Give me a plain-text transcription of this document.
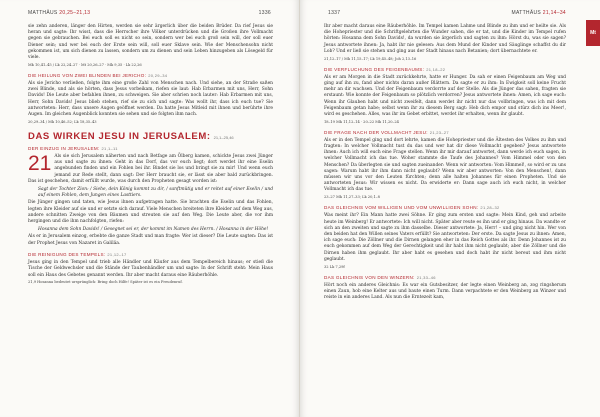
MATTHÄUS 20,25–21,13	1336

sie zehn anderen, länger den Hirten, werden sie sehr ärgerlich über die beiden Brüder. Da rief Jesus sie heran und sagte: Ihr wisst, dass die Herrscher ihre Völker unterdrücken und die Großen ihre Vollmacht gegen sie gebrauchen. Bei euch soll es nicht so sein, sondern wer bei euch groß sein will, der soll euer Diener sein; und wer bei euch der Erste sein will, soll euer Sklave sein. Wie der Menschensohn nicht gekommen ist, um sich dienen zu lassen, sondern um zu dienen und sein Leben hinzugeben als Lösegeld für viele.

Mk 10,41–45 / Lk 22,24–27 · Mt 20,26–27 · Mk 9,35 · Lk 22,26

DIE HEILUNG VON ZWEI BLINDEN BEI JERICHO: 20,29–34

Als sie Jericho verließen, folgte ihm eine große Zahl von Menschen nach. Und siehe, an der Straße saßen zwei Blinde, und als sie hörten, dass Jesus vorbeikam, riefen sie laut: Hab Erbarmen mit uns, Herr, Sohn Davids! Die Leute aber befahlen ihnen, zu schweigen. Sie aber schrien noch lauter: Hab Erbarmen mit uns, Herr, Sohn Davids! Jesus blieb stehen, rief sie zu sich und sagte: Was wollt ihr, dass ich euch tue? Sie antworteten: Herr, dass unsere Augen geöffnet werden. Da hatte Jesus Mitleid mit ihnen und berührte ihre Augen. Im gleichen Augenblick konnten sie sehen und sie folgten ihm nach.

20,29–34 / Mk 10,46–52; Lk 18,35–43

DAS WIRKEN JESU IN JERUSALEM: 21,1–25,46
DER EINZUG IN JERUSALEM: 21,1–11

21 Als sie sich Jerusalem näherten und nach Betfage am Ölberg kamen, schickte Jesus zwei Jünger aus und sagte zu ihnen: Geht in das Dorf, das vor euch liegt; dort werdet ihr eine Eselin angebunden finden und ein Fohlen bei ihr. Bindet sie los und bringt sie zu mir! Und wenn euch jemand zur Rede stellt, dann sagt: Der Herr braucht sie, er lässt sie aber bald zurückbringen. Das ist geschehen, damit erfüllt wurde, was durch den Propheten gesagt worden ist:

Sagt der Tochter Zion: / Siehe, dein König kommt zu dir, / sanftmütig und er reitet auf einer Eselin / und auf einem Fohlen, dem Jungen eines Lasttiers.

Die Jünger gingen und taten, wie Jesus ihnen aufgetragen hatte. Sie brachten die Eselin und das Fohlen, legten ihre Kleider auf sie und er setzte sich darauf. Viele Menschen breiteten ihre Kleider auf dem Weg aus, andere schnitten Zweige von den Bäumen und streuten sie auf den Weg. Die Leute aber, die vor ihm hergingen und die ihm nachfolgten, riefen:

Hosanna dem Sohn Davids! / Gesegnet sei er, der kommt im Namen des Herrn. / Hosanna in der Höhe!

Als er in Jerusalem einzog, erbebte die ganze Stadt und man fragte: Wer ist dieser? Die Leute sagten: Das ist der Prophet Jesus von Nazaret in Galiläa.

DIE REINIGUNG DES TEMPELS: 21,12–17

Jesus ging in den Tempel und trieb alle Händler und Käufer aus dem Tempelbereich hinaus; er stieß die Tische der Geldwechsler und die Stände der Taubenhändler um und sagte: In der Schrift steht: Mein Haus soll ein Haus des Gebetes genannt werden. Ihr aber macht daraus eine Räuberhöhle.

21,9 Hosanna bedeutet ursprünglich: Bring doch Hilfe! Später ist es ein Freudenruf.

1337	MATTHÄUS 21,14–34
Mt

Ihr aber macht daraus eine Räuberhöhle. Im Tempel kamen Lahme und Blinde zu ihm und er heilte sie. Als die Hohepriester und die Schriftgelehrten die Wunder sahen, die er tat, und die Kinder im Tempel rufen hörten: Hosanna dem Sohn Davids!, da wurden sie ärgerlich und sagten zu ihm: Hörst du, was sie sagen? Jesus antwortete ihnen: Ja, habt ihr nie gelesen: Aus dem Mund der Kinder und Säuglinge schaffst du dir Lob? Und er ließ sie stehen und ging aus der Stadt hinaus nach Betanien; dort übernachtete er.

21,12–17 / Mk 11,15–17; Lk 19,45–48; Joh 2,13–16

DIE VERFLUCHUNG DES FEIGENBAUMS: 21,18–22

Als er am Morgen in die Stadt zurückkehrte, hatte er Hunger. Da sah er einen Feigenbaum am Weg und ging auf ihn zu, fand aber nichts daran außer Blättern. Da sagte er zu ihm: In Ewigkeit soll keine Frucht mehr an dir wachsen. Und der Feigenbaum verdorrte auf der Stelle. Als die Jünger das sahen, fragten sie erstaunt: Wie konnte der Feigenbaum so plötzlich verdorren? Jesus antwortete ihnen: Amen, ich sage euch: Wenn ihr Glauben habt und nicht zweifelt, dann werdet ihr nicht nur das vollbringen, was ich mit dem Feigenbaum getan habe; selbst wenn ihr zu diesem Berg sagt: Heb dich empor und stürz dich ins Meer!, wird es geschehen. Alles, was ihr im Gebet erbittet, werdet ihr erhalten, wenn ihr glaubt.

18–19 Mk 11,12–14 · 20–22 Mk 11,20–24

DIE FRAGE NACH DER VOLLMACHT JESU: 21,23–27

Als er in den Tempel ging und dort lehrte, kamen die Hohepriester und die Ältesten des Volkes zu ihm und fragten: In welcher Vollmacht tust du das und wer hat dir diese Vollmacht gegeben? Jesus antwortete ihnen: Auch ich will euch eine Frage stellen. Wenn ihr mir darauf antwortet, dann werde ich euch sagen, in welcher Vollmacht ich das tue. Woher stammte die Taufe des Johannes? Vom Himmel oder von den Menschen? Da überlegten sie und sagten zueinander: Wenn wir antworten: Vom Himmel!, so wird er zu uns sagen: Warum habt ihr ihm dann nicht geglaubt? Wenn wir aber antworten: Von den Menschen!, dann müssen wir uns vor den Leuten fürchten; denn alle halten Johannes für einen Propheten. Und sie antworteten Jesus: Wir wissen es nicht. Da erwiderte er: Dann sage auch ich euch nicht, in welcher Vollmacht ich das tue.

23–27 Mk 11,27–33; Lk 20,1–8

DAS GLEICHNIS VOM WILLIGEN UND VOM UNWILLIGEN SOHN: 21,28–32

Was meint ihr? Ein Mann hatte zwei Söhne. Er ging zum ersten und sagte: Mein Kind, geh und arbeite heute im Weinberg! Er antwortete: Ich will nicht. Später aber reute es ihn und er ging hinaus. Da wandte er sich an den zweiten und sagte zu ihm dasselbe. Dieser antwortete: Ja, Herr! – und ging nicht hin. Wer von den beiden hat den Willen seines Vaters erfüllt? Sie antworteten: Der erste. Da sagte Jesus zu ihnen: Amen, ich sage euch: Die Zöllner und die Dirnen gelangen eher in das Reich Gottes als ihr. Denn Johannes ist zu euch gekommen auf dem Weg der Gerechtigkeit und ihr habt ihm nicht geglaubt; aber die Zöllner und die Dirnen haben ihm geglaubt. Ihr aber habt es gesehen und doch habt ihr nicht bereut und ihm nicht geglaubt.

32 Lk 7,29f

DAS GLEICHNIS VON DEN WINZERN: 21,33–46

Hört noch ein anderes Gleichnis: Es war ein Gutsbesitzer, der legte einen Weinberg an, zog ringsherum einen Zaun, hob eine Kelter aus und baute einen Turm. Dann verpachtete er den Weinberg an Winzer und reiste in ein anderes Land. Als nun die Erntezeit kam,
